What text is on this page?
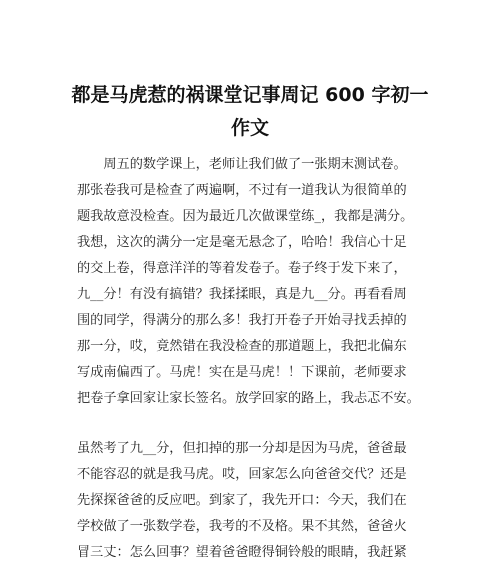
都是马虎惹的祸课堂记事周记 600 字初一
作文

　　周五的数学课上，老师让我们做了一张期末测试卷。

那张卷我可是检查了两遍啊，不过有一道我认为很简单的

题我故意没检查。因为最近几次做课堂练_，我都是满分。

我想，这次的满分一定是毫无悬念了，哈哈！我信心十足

的交上卷，得意洋洋的等着发卷子。卷子终于发下来了，

九__分！有没有搞错？我揉揉眼，真是九__分。再看看周

围的同学，得满分的那么多！我打开卷子开始寻找丢掉的

那一分，哎，竟然错在我没检查的那道题上，我把北偏东

写成南偏西了。马虎！实在是马虎！！下课前，老师要求

把卷子拿回家让家长签名。放学回家的路上，我忐忑不安。

虽然考了九__分，但扣掉的那一分却是因为马虎，爸爸最

不能容忍的就是我马虎。哎，回家怎么向爸爸交代？还是

先探探爸爸的反应吧。到家了，我先开口：今天，我们在

学校做了一张数学卷，我考的不及格。果不其然，爸爸火

冒三丈：怎么回事？望着爸爸瞪得铜铃般的眼睛，我赶紧
